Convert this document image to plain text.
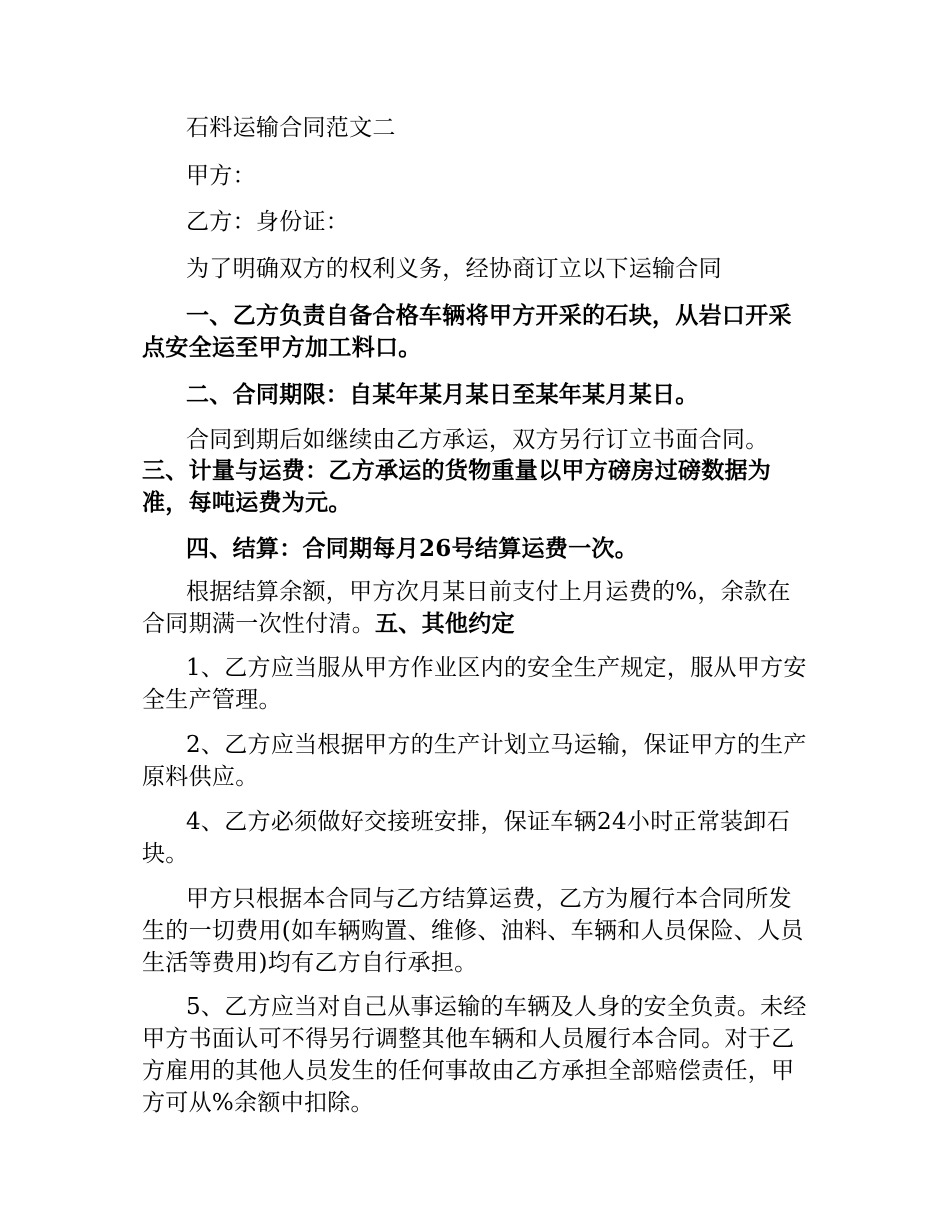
石料运输合同范文二

甲方：

乙方：身份证：

为了明确双方的权利义务，经协商订立以下运输合同

一、乙方负责自备合格车辆将甲方开采的石块，从岩口开采点安全运至甲方加工料口。

二、合同期限：自某年某月某日至某年某月某日。

合同到期后如继续由乙方承运，双方另行订立书面合同。

三、计量与运费：乙方承运的货物重量以甲方磅房过磅数据为准，每吨运费为元。

四、结算：合同期每月26号结算运费一次。

根据结算余额，甲方次月某日前支付上月运费的%，余款在合同期满一次性付清。五、其他约定

1、乙方应当服从甲方作业区内的安全生产规定，服从甲方安全生产管理。

2、乙方应当根据甲方的生产计划立马运输，保证甲方的生产原料供应。

4、乙方必须做好交接班安排，保证车辆24小时正常装卸石块。

甲方只根据本合同与乙方结算运费，乙方为履行本合同所发生的一切费用(如车辆购置、维修、油料、车辆和人员保险、人员生活等费用)均有乙方自行承担。

5、乙方应当对自己从事运输的车辆及人身的安全负责。未经甲方书面认可不得另行调整其他车辆和人员履行本合同。对于乙方雇用的其他人员发生的任何事故由乙方承担全部赔偿责任，甲方可从%余额中扣除。
